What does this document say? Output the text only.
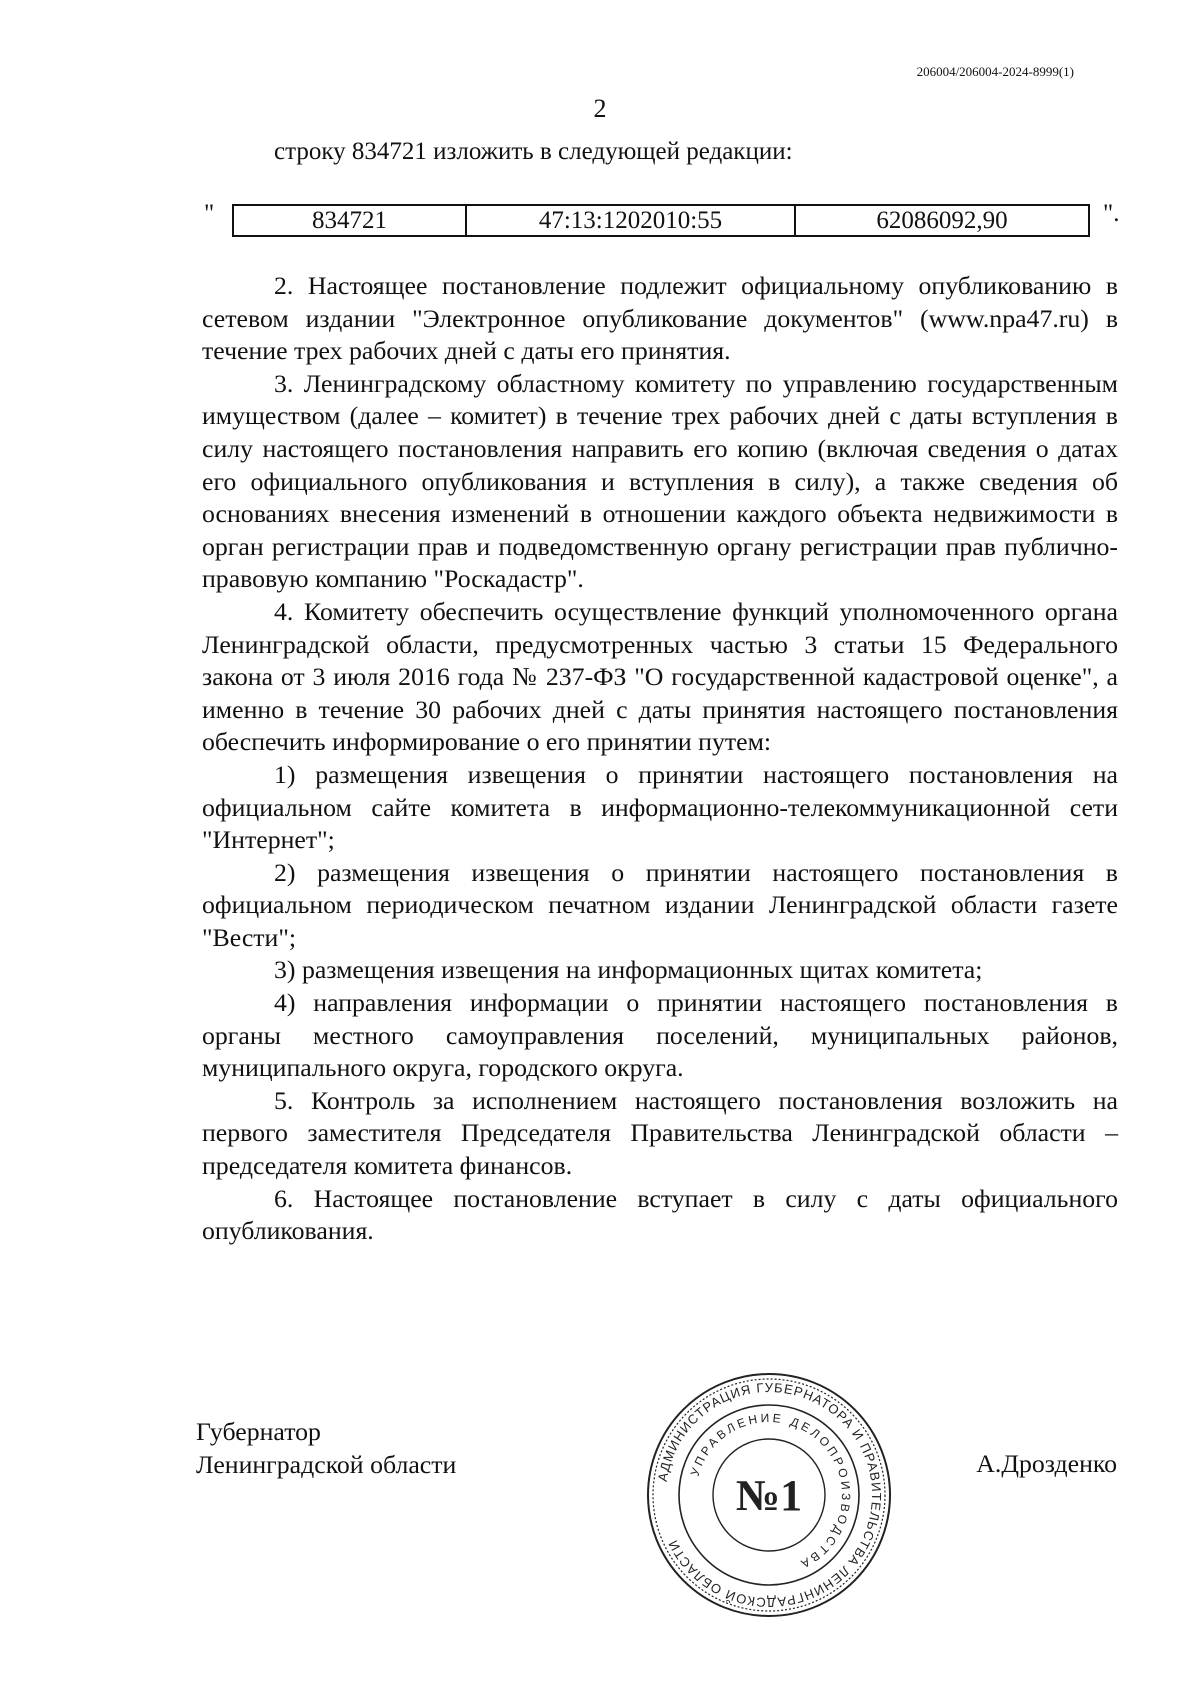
206004/206004-2024-8999(1)
2
строку 834721 изложить в следующей редакции:
"	834721	47:13:1202010:55	62086092,90	".

2. Настоящее постановление подлежит официальному опубликованию в сетевом издании "Электронное опубликование документов" (www.npa47.ru) в течение трех рабочих дней с даты его принятия.

3. Ленинградскому областному комитету по управлению государственным имуществом (далее – комитет) в течение трех рабочих дней с даты вступления в силу настоящего постановления направить его копию (включая сведения о датах его официального опубликования и вступления в силу), а также сведения об основаниях внесения изменений в отношении каждого объекта недвижимости в орган регистрации прав и подведомственную органу регистрации прав публично-правовую компанию "Роскадастр".

4. Комитету обеспечить осуществление функций уполномоченного органа Ленинградской области, предусмотренных частью 3 статьи 15 Федерального закона от 3 июля 2016 года № 237-ФЗ "О государственной кадастровой оценке", а именно в течение 30 рабочих дней с даты принятия настоящего постановления обеспечить информирование о его принятии путем:

1) размещения извещения о принятии настоящего постановления на официальном сайте комитета в информационно-телекоммуникационной сети "Интернет";

2) размещения извещения о принятии настоящего постановления в официальном периодическом печатном издании Ленинградской области газете "Вести";

3) размещения извещения на информационных щитах комитета;

4) направления информации о принятии настоящего постановления в органы местного самоуправления поселений, муниципальных районов, муниципального округа, городского округа.

5. Контроль за исполнением настоящего постановления возложить на первого заместителя Председателя Правительства Ленинградской области – председателя комитета финансов.

6. Настоящее постановление вступает в силу с даты официального опубликования.

Губернатор
Ленинградской области	А.Дрозденко
АДМИНИСТРАЦИЯ ГУБЕРНАТОРА И ПРАВИТЕЛЬСТВА ЛЕНИНГРАДСКОЙ ОБЛАСТИ
УПРАВЛЕНИЕ ДЕЛОПРОИЗВОДСТВА
№1
